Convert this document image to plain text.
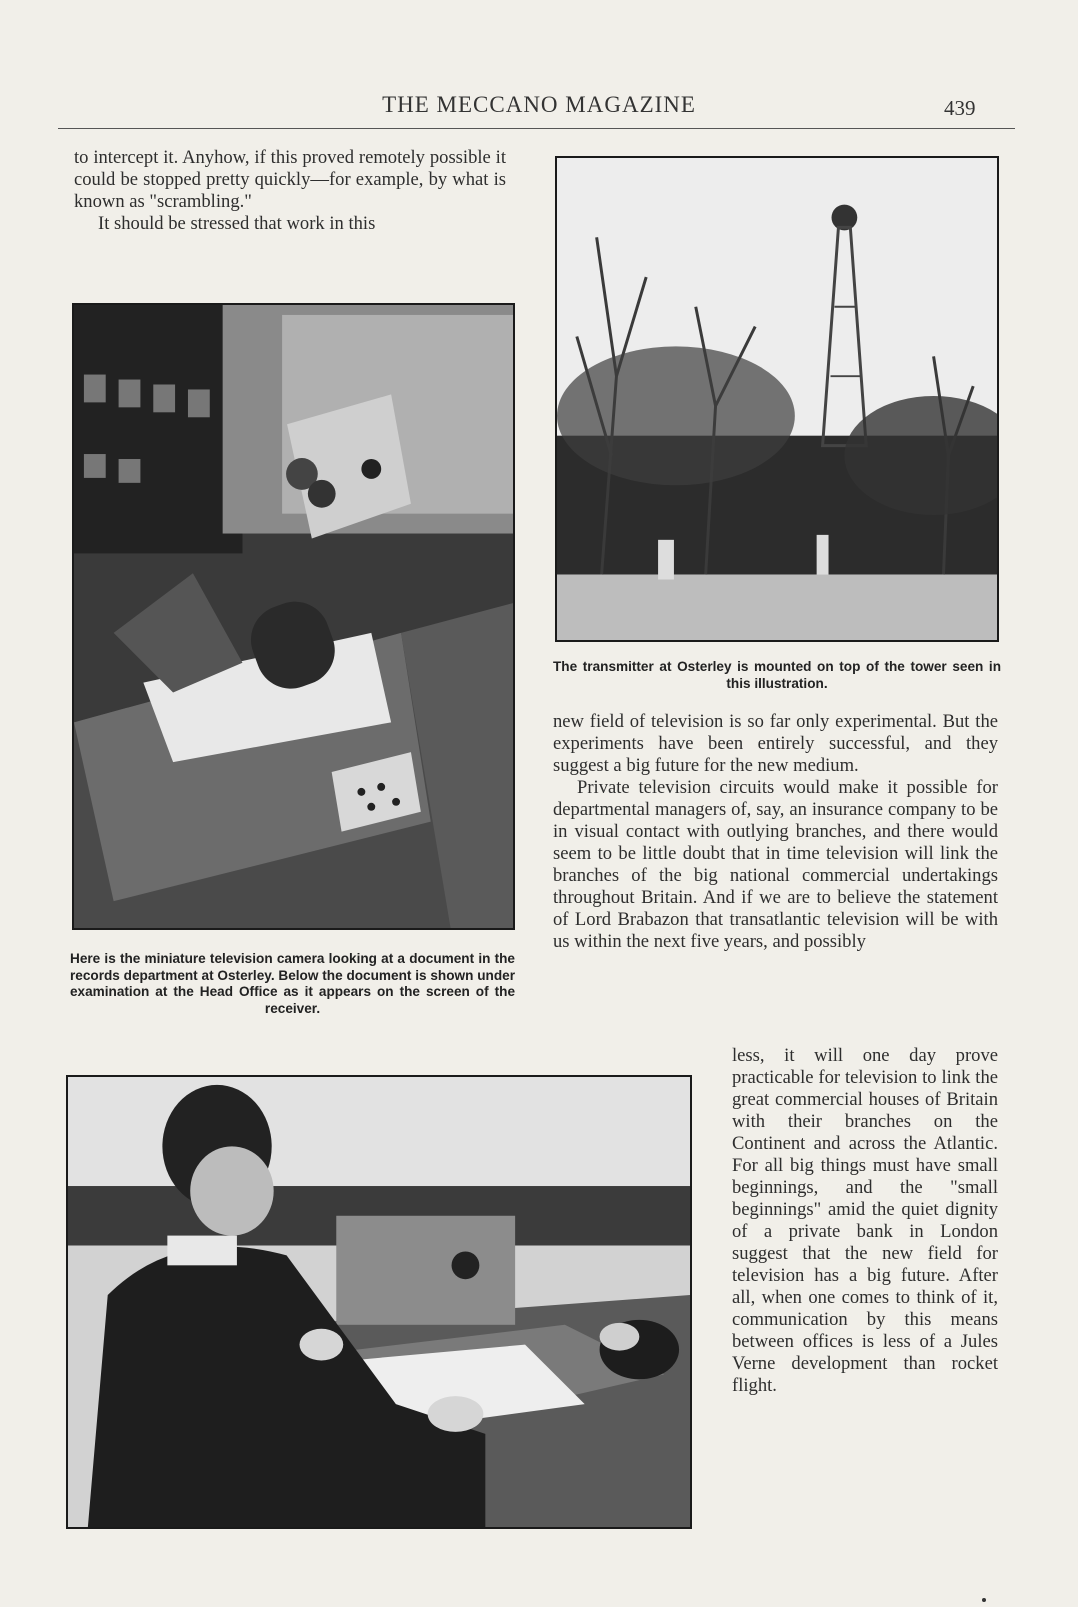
THE MECCANO MAGAZINE	439

to intercept it. Anyhow, if this proved remotely possible it could be stopped pretty quickly—for example, by what is known as "scrambling."

It should be stressed that work in this

Here is the miniature television camera looking at a document in the records department at Osterley. Below the document is shown under examination at the Head Office as it appears on the screen of the receiver.
The transmitter at Osterley is mounted on top of the tower seen in this illustration.

new field of television is so far only experimental. But the experiments have been entirely successful, and they suggest a big future for the new medium.

Private television circuits would make it possible for departmental managers of, say, an insurance company to be in visual contact with outlying branches, and there would seem to be little doubt that in time television will link the branches of the big national commercial undertakings throughout Britain. And if we are to believe the statement of Lord Brabazon that transatlantic television will be with us within the next five years, and possibly

less, it will one day prove practicable for television to link the great commercial houses of Britain with their branches on the Continent and across the Atlantic. For all big things must have small beginnings, and the "small beginnings" amid the quiet dignity of a private bank in London suggest that the new field for television has a big future. After all, when one comes to think of it, communication by this means between offices is less of a Jules Verne development than rocket flight.
